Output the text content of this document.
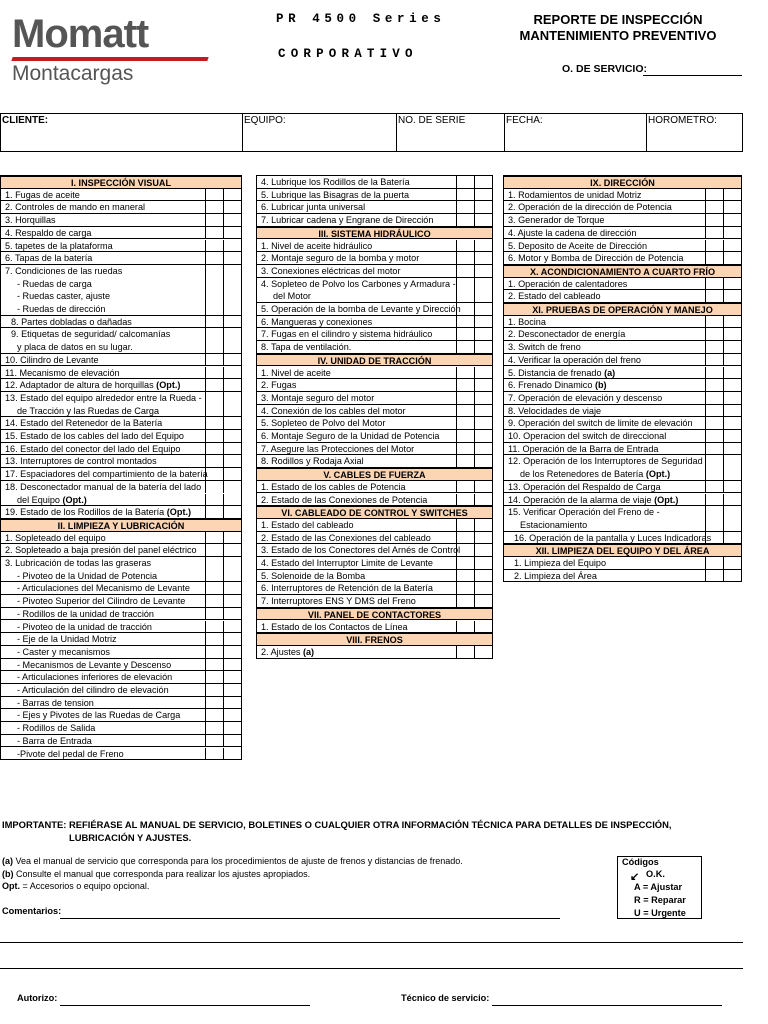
Momatt
Montacargas
PR 4500 Series
CORPORATIVO
REPORTE DE INSPECCIÓN
MANTENIMIENTO PREVENTIVO
O. DE SERVICIO:
CLIENTE:	EQUIPO:	NO. DE SERIE	FECHA:	HOROMETRO:
I. INSPECCIÓN VISUAL
1. Fugas de aceite
2. Controles de mando en maneral
3. Horquillas
4. Respaldo de carga
5. tapetes de la plataforma
6. Tapas de la batería
7. Condiciones de las ruedas
- Ruedas de carga
- Ruedas caster, ajuste
- Ruedas de dirección
8. Partes dobladas o dañadas
9. Etiquetas de seguridad/ calcomanías
y placa de datos en su lugar.
10. Cilindro de Levante
11. Mecanismo de elevación
12. Adaptador de altura de horquillas (Opt.)
13. Estado del equipo alrededor entre la Rueda -
de Tracción y las Ruedas de Carga
14. Estado del Retenedor de la Batería
15. Estado de los cables del lado del Equipo
16. Estado del conector del lado del Equipo
13. Interruptores de control montados
17. Espaciadores del compartimiento de la batería
18. Desconectador manual de la batería del lado
del Equipo (Opt.)
19. Estado de los Rodillos de la Batería (Opt.)
II. LIMPIEZA Y LUBRICACIÓN
1. Sopleteado del equipo
2. Sopleteado a baja presión del panel eléctrico
3. Lubricación de todas las graseras
- Pivoteo de la Unidad de Potencia
- Articulaciones del Mecanismo de Levante
- Pivoteo Superior del Cilindro de Levante
- Rodillos de la unidad de tracción
- Pivoteo de la unidad de tracción
- Eje de la Unidad Motriz
- Caster y mecanismos
- Mecanismos de Levante y Descenso
- Articulaciones inferiores de elevación
- Articulación del cilindro de elevación
- Barras de tension
- Ejes y Pivotes de las Ruedas de Carga
- Rodillos de Salida
- Barra de Entrada
-Pivote del pedal de Freno
4. Lubrique los Rodillos de la Batería
5. Lubrique las Bisagras de la puerta
6. Lubricar junta universal
7. Lubricar cadena y Engrane de Dirección
III. SISTEMA HIDRÁULICO
1. Nivel de aceite hidráulico
2. Montaje seguro de la bomba y motor
3. Conexiones eléctricas del motor
4. Sopleteo de Polvo los Carbones y Armadura -
del Motor
5. Operación de la bomba de Levante y Dirección
6. Mangueras y conexiones
7. Fugas en el cilindro y sistema hidráulico
8. Tapa de ventilación.
IV. UNIDAD DE TRACCIÓN
1. Nivel de aceite
2. Fugas
3. Montaje seguro del motor
4. Conexión de los cables del motor
5. Sopleteo de Polvo del Motor
6. Montaje Seguro de la Unidad de Potencia
7. Asegure las Protecciones del Motor
8. Rodillos y Rodaja Axial
V. CABLES DE FUERZA
1. Estado de los cables de Potencia
2. Estado de las Conexiones de Potencia
VI. CABLEADO DE CONTROL Y SWITCHES
1. Estado del cableado
2. Estado de las Conexiones del cableado
3. Estado de los Conectores del Arnés de Control
4. Estado del Interruptor Limite de Levante
5. Solenoide de la Bomba
6. Interruptores de Retención de la Batería
7. Interruptores ENS Y DMS del Freno
VII. PANEL DE CONTACTORES
1. Estado de los Contactos de Línea
VIII. FRENOS
2. Ajustes (a)
IX. DIRECCIÓN
1. Rodamientos de unidad Motriz
2. Operación de la dirección de Potencia
3. Generador de Torque
4. Ajuste la cadena de dirección
5. Deposito de Aceite de Dirección
6. Motor y Bomba de Dirección de Potencia
X. ACONDICIONAMIENTO A CUARTO FRÍO
1. Operación de calentadores
2. Estado del cableado
XI. PRUEBAS DE OPERACIÓN Y MANEJO
1. Bocina
2. Desconectador de energía
3. Switch de freno
4. Verificar la operación del freno
5. Distancia de frenado (a)
6. Frenado Dinamico (b)
7. Operación de elevación y descenso
8. Velocidades de viaje
9. Operación del switch de limite de elevación
10. Operacion del switch de direccional
11. Operación de la Barra de Entrada
12. Operación de los Interruptores de Seguridad
de los Retenedores de Batería (Opt.)
13. Operación del Respaldo de Carga
14. Operación de la alarma de viaje (Opt.)
15. Verificar Operación del Freno de -
Estacionamiento
16. Operación de la pantalla y Luces Indicadoras
XII. LIMPIEZA DEL EQUIPO Y DEL ÁREA
1. Limpieza del Equipo
2. Limpieza del Área
IMPORTANTE: REFIÉRASE AL MANUAL DE SERVICIO, BOLETINES O CUALQUIER OTRA INFORMACIÓN TÉCNICA PARA DETALLES DE INSPECCIÓN,
LUBRICACIÓN Y AJUSTES.
(a) Vea el manual de servicio que corresponda para los procedimientos de ajuste de frenos y distancias de frenado.
(b) Consulte el manual que corresponda para realizar los ajustes apropiados.
Opt. = Accesorios o equipo opcional.
Códigos
↙ O.K.
A = Ajustar
R = Reparar
U = Urgente
Comentarios:
Autorizo:	Técnico de servicio:
